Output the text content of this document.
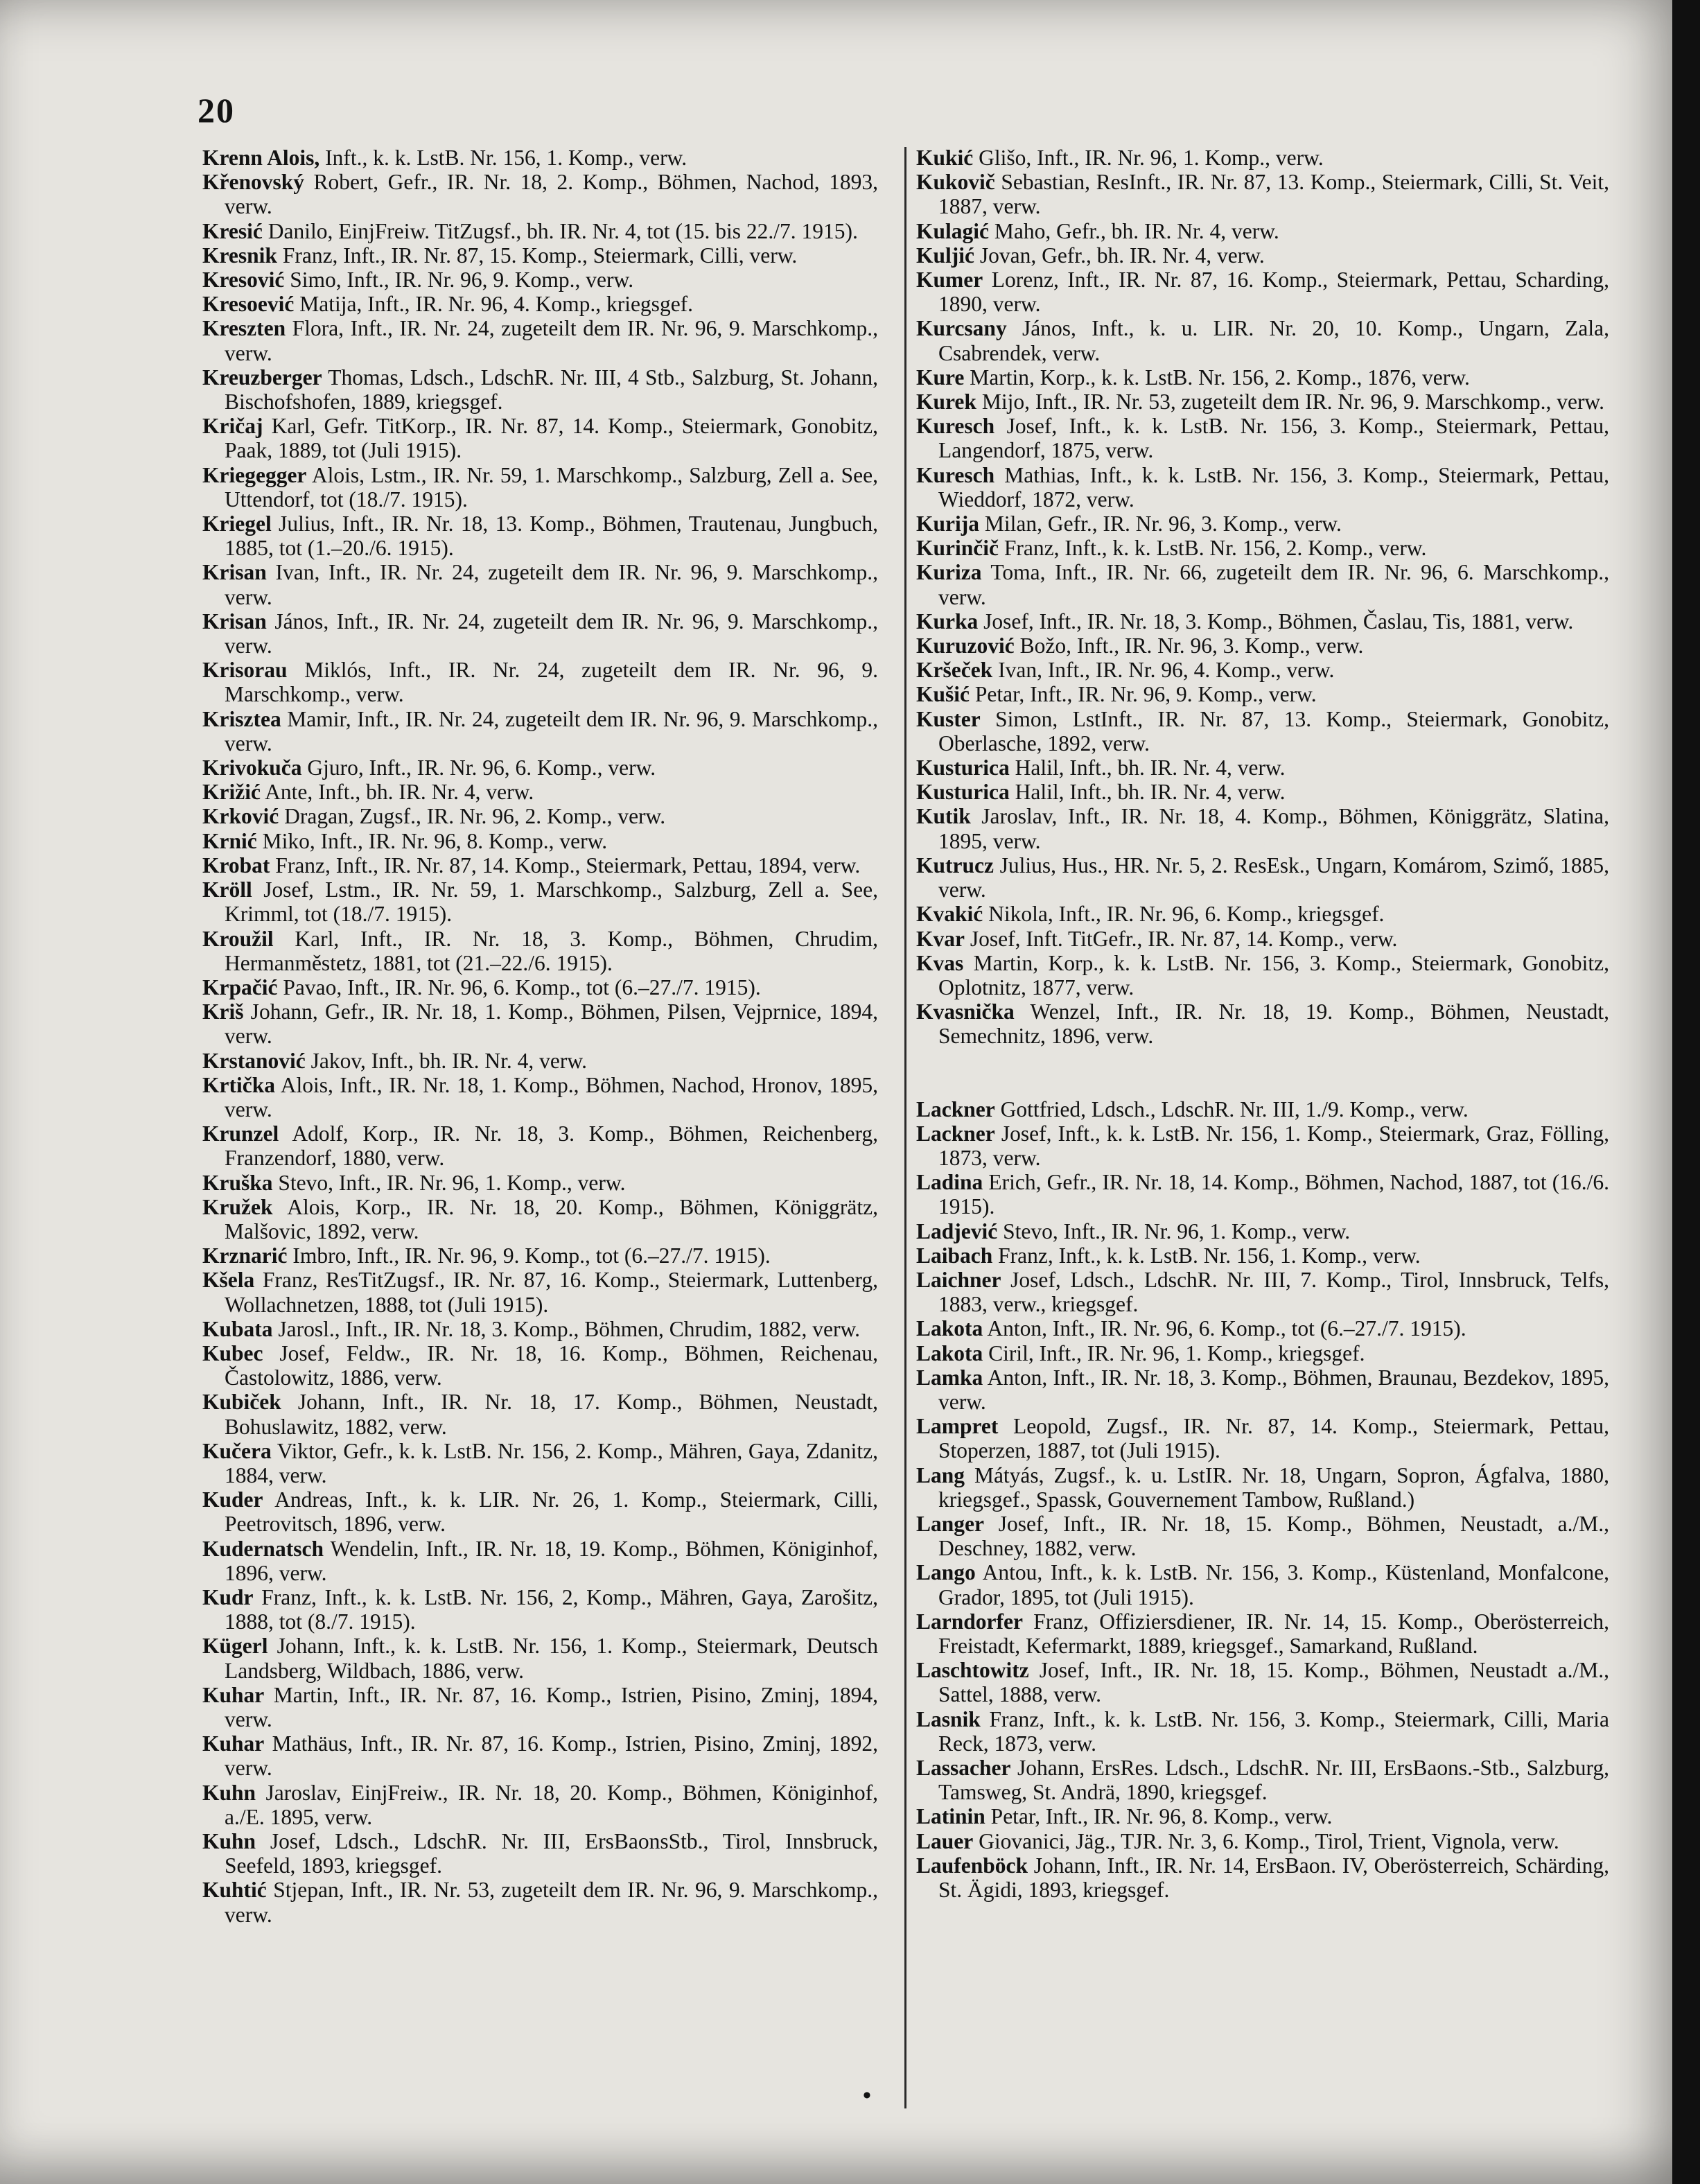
20

Krenn Alois, Inft., k. k. LstB. Nr. 156, 1. Komp., verw.

Křenovský Robert, Gefr., IR. Nr. 18, 2. Komp., Böhmen, Nachod, 1893, verw.

Kresić Danilo, EinjFreiw. TitZugsf., bh. IR. Nr. 4, tot (15. bis 22./7. 1915).

Kresnik Franz, Inft., IR. Nr. 87, 15. Komp., Steiermark, Cilli, verw.

Kresović Simo, Inft., IR. Nr. 96, 9. Komp., verw.

Kresoević Matija, Inft., IR. Nr. 96, 4. Komp., kriegsgef.

Kreszten Flora, Inft., IR. Nr. 24, zugeteilt dem IR. Nr. 96, 9. Marschkomp., verw.

Kreuzberger Thomas, Ldsch., LdschR. Nr. III, 4 Stb., Salzburg, St. Johann, Bischofshofen, 1889, kriegsgef.

Kričaj Karl, Gefr. TitKorp., IR. Nr. 87, 14. Komp., Steiermark, Gonobitz, Paak, 1889, tot (Juli 1915).

Kriegegger Alois, Lstm., IR. Nr. 59, 1. Marschkomp., Salzburg, Zell a. See, Uttendorf, tot (18./7. 1915).

Kriegel Julius, Inft., IR. Nr. 18, 13. Komp., Böhmen, Trautenau, Jungbuch, 1885, tot (1.–20./6. 1915).

Krisan Ivan, Inft., IR. Nr. 24, zugeteilt dem IR. Nr. 96, 9. Marschkomp., verw.

Krisan János, Inft., IR. Nr. 24, zugeteilt dem IR. Nr. 96, 9. Marschkomp., verw.

Krisorau Miklós, Inft., IR. Nr. 24, zugeteilt dem IR. Nr. 96, 9. Marschkomp., verw.

Krisztea Mamir, Inft., IR. Nr. 24, zugeteilt dem IR. Nr. 96, 9. Marschkomp., verw.

Krivokuča Gjuro, Inft., IR. Nr. 96, 6. Komp., verw.

Križić Ante, Inft., bh. IR. Nr. 4, verw.

Krković Dragan, Zugsf., IR. Nr. 96, 2. Komp., verw.

Krnić Miko, Inft., IR. Nr. 96, 8. Komp., verw.

Krobat Franz, Inft., IR. Nr. 87, 14. Komp., Steiermark, Pettau, 1894, verw.

Kröll Josef, Lstm., IR. Nr. 59, 1. Marschkomp., Salzburg, Zell a. See, Krimml, tot (18./7. 1915).

Kroužil Karl, Inft., IR. Nr. 18, 3. Komp., Böhmen, Chrudim, Hermanměstetz, 1881, tot (21.–22./6. 1915).

Krpačić Pavao, Inft., IR. Nr. 96, 6. Komp., tot (6.–27./7. 1915).

Kriš Johann, Gefr., IR. Nr. 18, 1. Komp., Böhmen, Pilsen, Vejprnice, 1894, verw.

Krstanović Jakov, Inft., bh. IR. Nr. 4, verw.

Krtička Alois, Inft., IR. Nr. 18, 1. Komp., Böhmen, Nachod, Hronov, 1895, verw.

Krunzel Adolf, Korp., IR. Nr. 18, 3. Komp., Böhmen, Reichenberg, Franzendorf, 1880, verw.

Kruška Stevo, Inft., IR. Nr. 96, 1. Komp., verw.

Kružek Alois, Korp., IR. Nr. 18, 20. Komp., Böhmen, Königgrätz, Malšovic, 1892, verw.

Krznarić Imbro, Inft., IR. Nr. 96, 9. Komp., tot (6.–27./7. 1915).

Kšela Franz, ResTitZugsf., IR. Nr. 87, 16. Komp., Steiermark, Luttenberg, Wollachnetzen, 1888, tot (Juli 1915).

Kubata Jarosl., Inft., IR. Nr. 18, 3. Komp., Böhmen, Chrudim, 1882, verw.

Kubec Josef, Feldw., IR. Nr. 18, 16. Komp., Böhmen, Reichenau, Častolowitz, 1886, verw.

Kubiček Johann, Inft., IR. Nr. 18, 17. Komp., Böhmen, Neustadt, Bohuslawitz, 1882, verw.

Kučera Viktor, Gefr., k. k. LstB. Nr. 156, 2. Komp., Mähren, Gaya, Zdanitz, 1884, verw.

Kuder Andreas, Inft., k. k. LIR. Nr. 26, 1. Komp., Steiermark, Cilli, Peetrovitsch, 1896, verw.

Kudernatsch Wendelin, Inft., IR. Nr. 18, 19. Komp., Böhmen, Königinhof, 1896, verw.

Kudr Franz, Inft., k. k. LstB. Nr. 156, 2, Komp., Mähren, Gaya, Zarošitz, 1888, tot (8./7. 1915).

Kügerl Johann, Inft., k. k. LstB. Nr. 156, 1. Komp., Steiermark, Deutsch Landsberg, Wildbach, 1886, verw.

Kuhar Martin, Inft., IR. Nr. 87, 16. Komp., Istrien, Pisino, Zminj, 1894, verw.

Kuhar Mathäus, Inft., IR. Nr. 87, 16. Komp., Istrien, Pisino, Zminj, 1892, verw.

Kuhn Jaroslav, EinjFreiw., IR. Nr. 18, 20. Komp., Böhmen, Königinhof, a./E. 1895, verw.

Kuhn Josef, Ldsch., LdschR. Nr. III, ErsBaonsStb., Tirol, Innsbruck, Seefeld, 1893, kriegsgef.

Kuhtić Stjepan, Inft., IR. Nr. 53, zugeteilt dem IR. Nr. 96, 9. Marschkomp., verw.

Kukić Glišo, Inft., IR. Nr. 96, 1. Komp., verw.

Kukovič Sebastian, ResInft., IR. Nr. 87, 13. Komp., Steiermark, Cilli, St. Veit, 1887, verw.

Kulagić Maho, Gefr., bh. IR. Nr. 4, verw.

Kuljić Jovan, Gefr., bh. IR. Nr. 4, verw.

Kumer Lorenz, Inft., IR. Nr. 87, 16. Komp., Steiermark, Pettau, Scharding, 1890, verw.

Kurcsany János, Inft., k. u. LIR. Nr. 20, 10. Komp., Ungarn, Zala, Csabrendek, verw.

Kure Martin, Korp., k. k. LstB. Nr. 156, 2. Komp., 1876, verw.

Kurek Mijo, Inft., IR. Nr. 53, zugeteilt dem IR. Nr. 96, 9. Marschkomp., verw.

Kuresch Josef, Inft., k. k. LstB. Nr. 156, 3. Komp., Steiermark, Pettau, Langendorf, 1875, verw.

Kuresch Mathias, Inft., k. k. LstB. Nr. 156, 3. Komp., Steiermark, Pettau, Wieddorf, 1872, verw.

Kurija Milan, Gefr., IR. Nr. 96, 3. Komp., verw.

Kurinčič Franz, Inft., k. k. LstB. Nr. 156, 2. Komp., verw.

Kuriza Toma, Inft., IR. Nr. 66, zugeteilt dem IR. Nr. 96, 6. Marschkomp., verw.

Kurka Josef, Inft., IR. Nr. 18, 3. Komp., Böhmen, Časlau, Tis, 1881, verw.

Kuruzović Božo, Inft., IR. Nr. 96, 3. Komp., verw.

Kršeček Ivan, Inft., IR. Nr. 96, 4. Komp., verw.

Kušić Petar, Inft., IR. Nr. 96, 9. Komp., verw.

Kuster Simon, LstInft., IR. Nr. 87, 13. Komp., Steiermark, Gonobitz, Oberlasche, 1892, verw.

Kusturica Halil, Inft., bh. IR. Nr. 4, verw.

Kusturica Halil, Inft., bh. IR. Nr. 4, verw.

Kutik Jaroslav, Inft., IR. Nr. 18, 4. Komp., Böhmen, Königgrätz, Slatina, 1895, verw.

Kutrucz Julius, Hus., HR. Nr. 5, 2. ResEsk., Ungarn, Komárom, Szimő, 1885, verw.

Kvakić Nikola, Inft., IR. Nr. 96, 6. Komp., kriegsgef.

Kvar Josef, Inft. TitGefr., IR. Nr. 87, 14. Komp., verw.

Kvas Martin, Korp., k. k. LstB. Nr. 156, 3. Komp., Steiermark, Gonobitz, Oplotnitz, 1877, verw.

Kvasnička Wenzel, Inft., IR. Nr. 18, 19. Komp., Böhmen, Neustadt, Semechnitz, 1896, verw.

Lackner Gottfried, Ldsch., LdschR. Nr. III, 1./9. Komp., verw.

Lackner Josef, Inft., k. k. LstB. Nr. 156, 1. Komp., Steiermark, Graz, Fölling, 1873, verw.

Ladina Erich, Gefr., IR. Nr. 18, 14. Komp., Böhmen, Nachod, 1887, tot (16./6. 1915).

Ladjević Stevo, Inft., IR. Nr. 96, 1. Komp., verw.

Laibach Franz, Inft., k. k. LstB. Nr. 156, 1. Komp., verw.

Laichner Josef, Ldsch., LdschR. Nr. III, 7. Komp., Tirol, Innsbruck, Telfs, 1883, verw., kriegsgef.

Lakota Anton, Inft., IR. Nr. 96, 6. Komp., tot (6.–27./7. 1915).

Lakota Ciril, Inft., IR. Nr. 96, 1. Komp., kriegsgef.

Lamka Anton, Inft., IR. Nr. 18, 3. Komp., Böhmen, Braunau, Bezdekov, 1895, verw.

Lampret Leopold, Zugsf., IR. Nr. 87, 14. Komp., Steiermark, Pettau, Stoperzen, 1887, tot (Juli 1915).

Lang Mátyás, Zugsf., k. u. LstIR. Nr. 18, Ungarn, Sopron, Ágfalva, 1880, kriegsgef., Spassk, Gouvernement Tambow, Rußland.)

Langer Josef, Inft., IR. Nr. 18, 15. Komp., Böhmen, Neustadt, a./M., Deschney, 1882, verw.

Lango Antou, Inft., k. k. LstB. Nr. 156, 3. Komp., Küstenland, Monfalcone, Grador, 1895, tot (Juli 1915).

Larndorfer Franz, Offiziersdiener, IR. Nr. 14, 15. Komp., Oberösterreich, Freistadt, Kefermarkt, 1889, kriegsgef., Samarkand, Rußland.

Laschtowitz Josef, Inft., IR. Nr. 18, 15. Komp., Böhmen, Neustadt a./M., Sattel, 1888, verw.

Lasnik Franz, Inft., k. k. LstB. Nr. 156, 3. Komp., Steiermark, Cilli, Maria Reck, 1873, verw.

Lassacher Johann, ErsRes. Ldsch., LdschR. Nr. III, ErsBaons.-Stb., Salzburg, Tamsweg, St. Andrä, 1890, kriegsgef.

Latinin Petar, Inft., IR. Nr. 96, 8. Komp., verw.

Lauer Giovanici, Jäg., TJR. Nr. 3, 6. Komp., Tirol, Trient, Vignola, verw.

Laufenböck Johann, Inft., IR. Nr. 14, ErsBaon. IV, Oberösterreich, Schärding, St. Ägidi, 1893, kriegsgef.

•
